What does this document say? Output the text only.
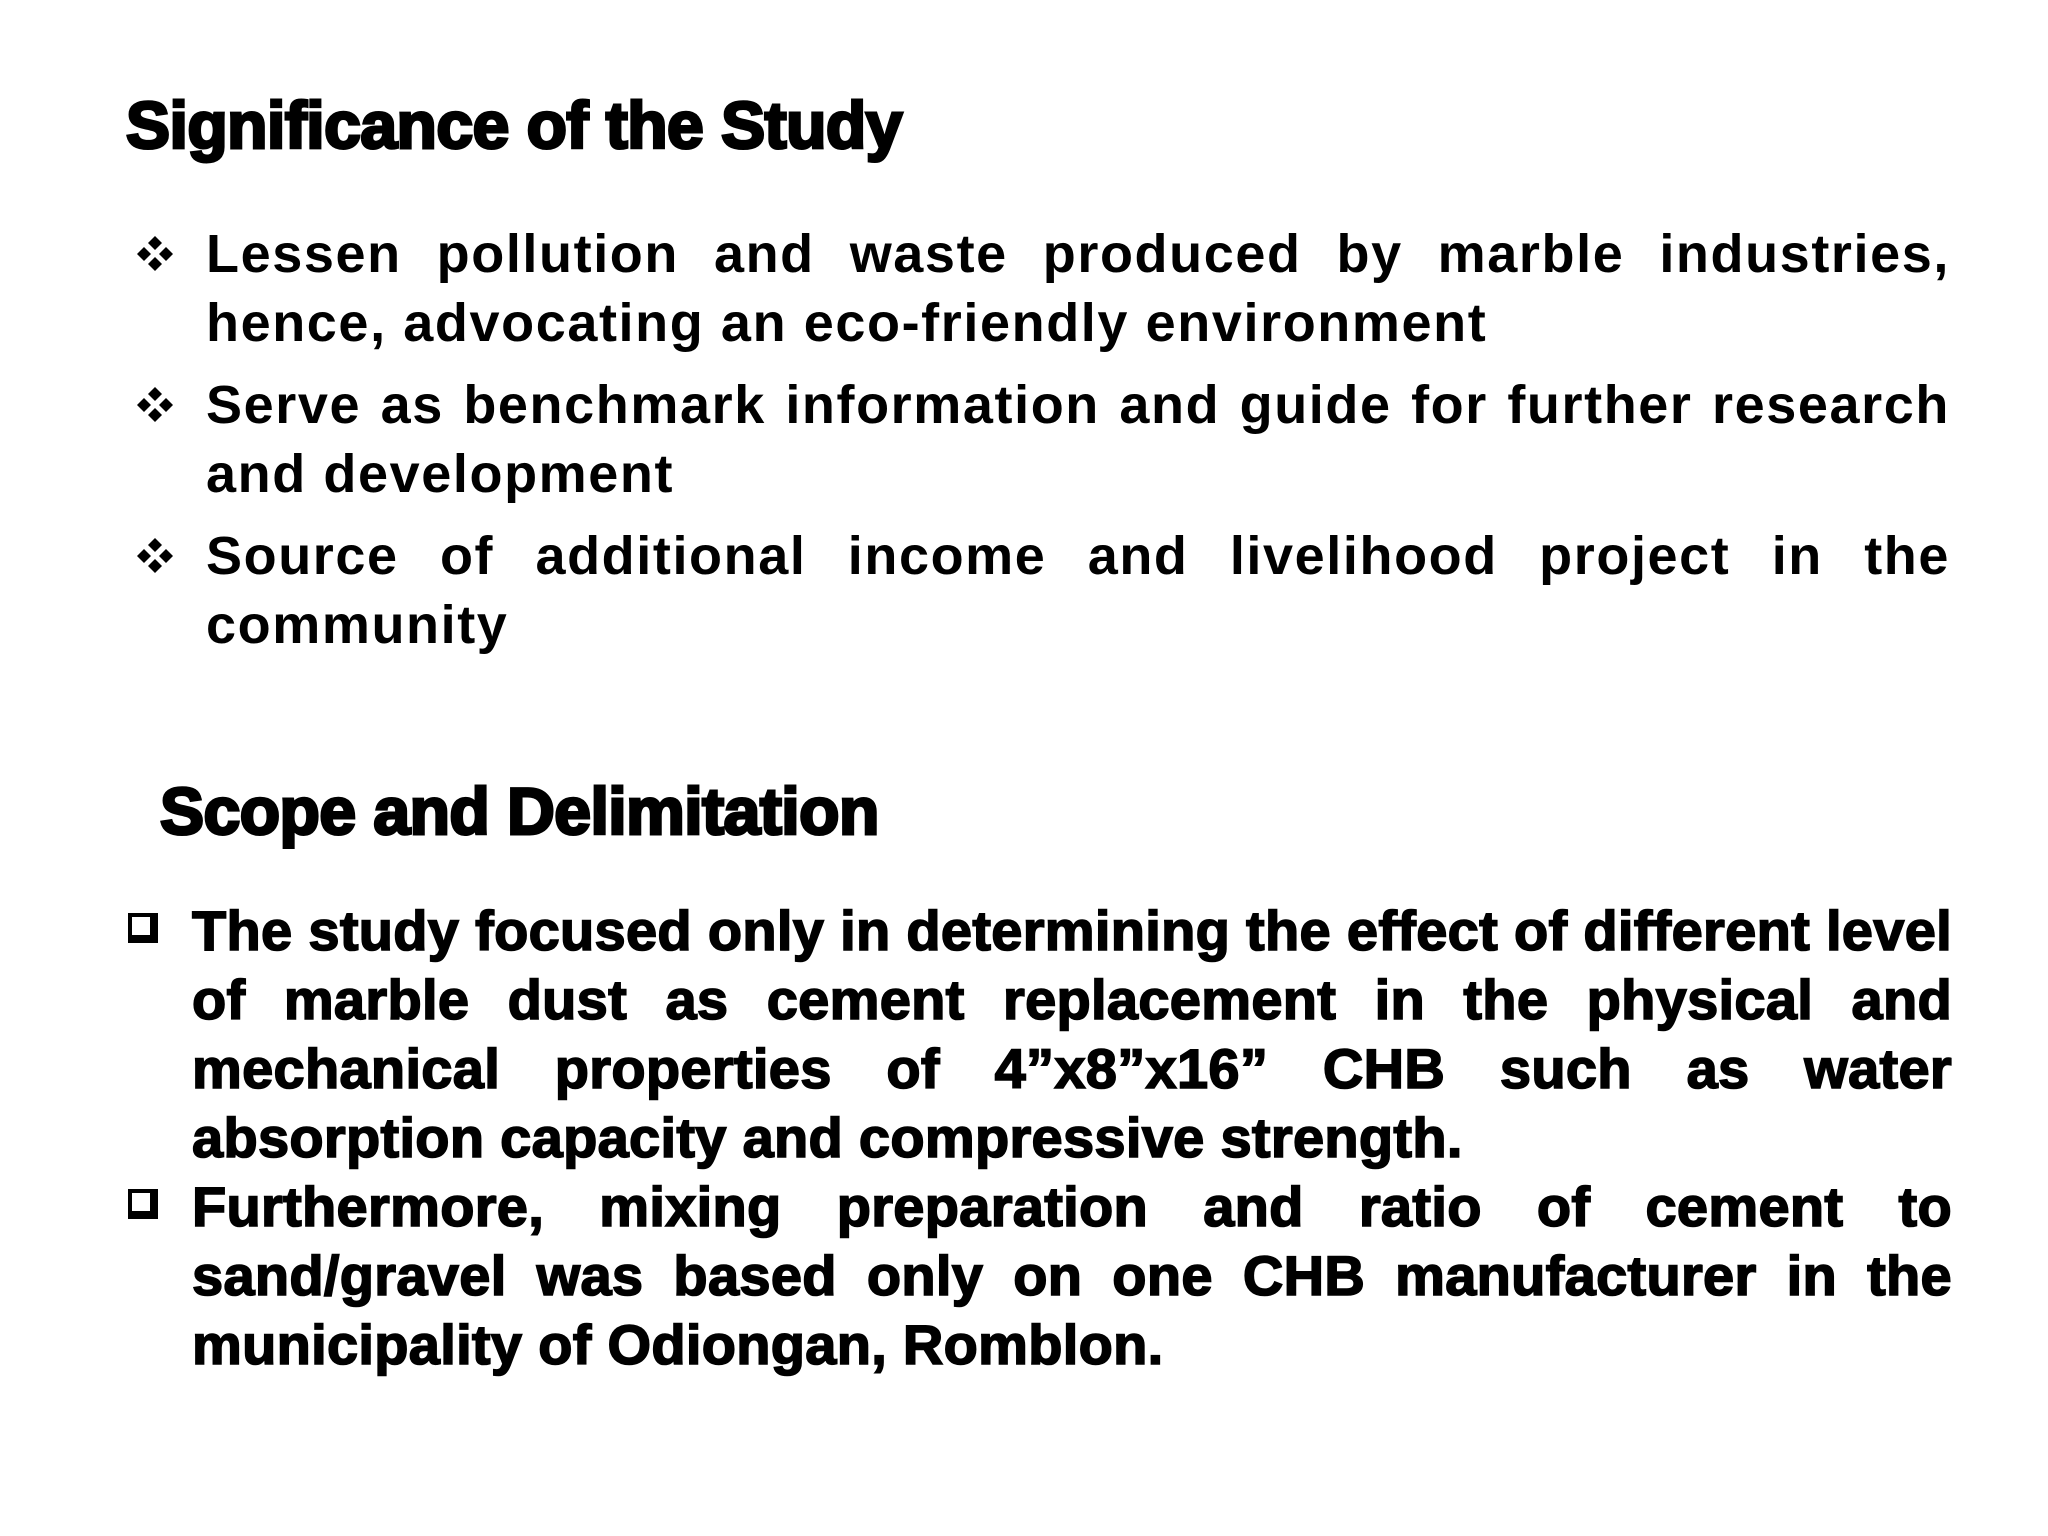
Significance of the Study
Lessen pollution and waste produced by marble industries, hence, advocating an eco-friendly environment
Serve as benchmark information and guide for further research and development
Source of additional income and livelihood project in the community
Scope and Delimitation
The study focused only in determining the effect of different level of marble dust as cement replacement in the physical and mechanical properties of 4”x8”x16” CHB such as water absorption capacity and compressive strength.
Furthermore, mixing preparation and ratio of cement to sand/gravel was based only on one CHB manufacturer in the municipality of Odiongan, Romblon.
